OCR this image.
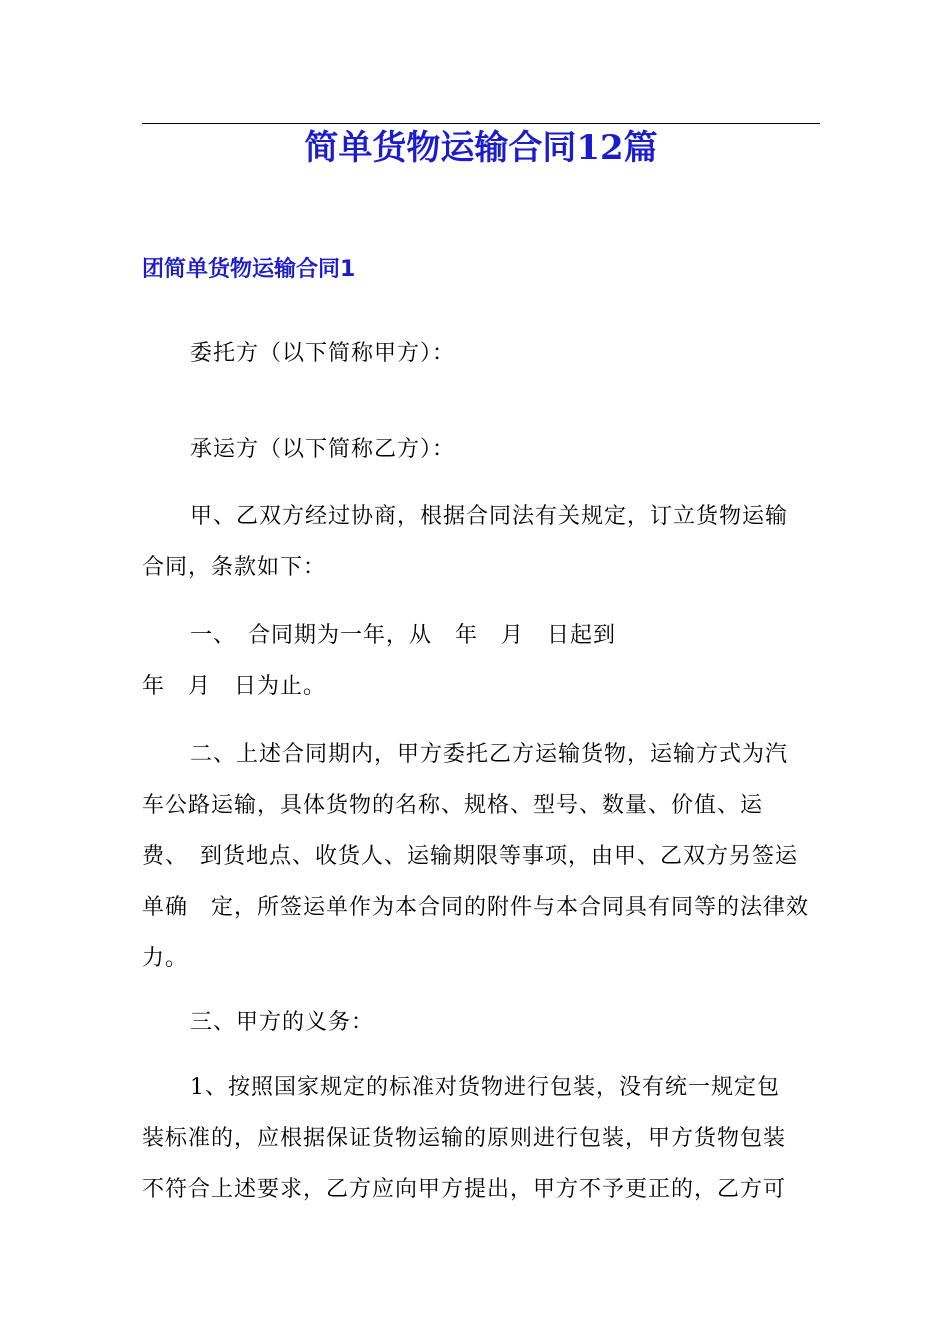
简单货物运输合同12篇
团简单货物运输合同1
委托方（以下简称甲方）：
承运方（以下简称乙方）：
甲、乙双方经过协商，根据合同法有关规定，订立货物运输
合同，条款如下：
一、　合同期为一年，从　年　月　日起到
年　月　日为止。
二、上述合同期内，甲方委托乙方运输货物，运输方式为汽
车公路运输，具体货物的名称、规格、型号、数量、价值、运
费、　到货地点、收货人、运输期限等事项，由甲、乙双方另签运
单确　定，所签运单作为本合同的附件与本合同具有同等的法律效
力。
三、甲方的义务：
1、按照国家规定的标准对货物进行包装，没有统一规定包
装标准的，应根据保证货物运输的原则进行包装，甲方货物包装
不符合上述要求，乙方应向甲方提出，甲方不予更正的，乙方可
